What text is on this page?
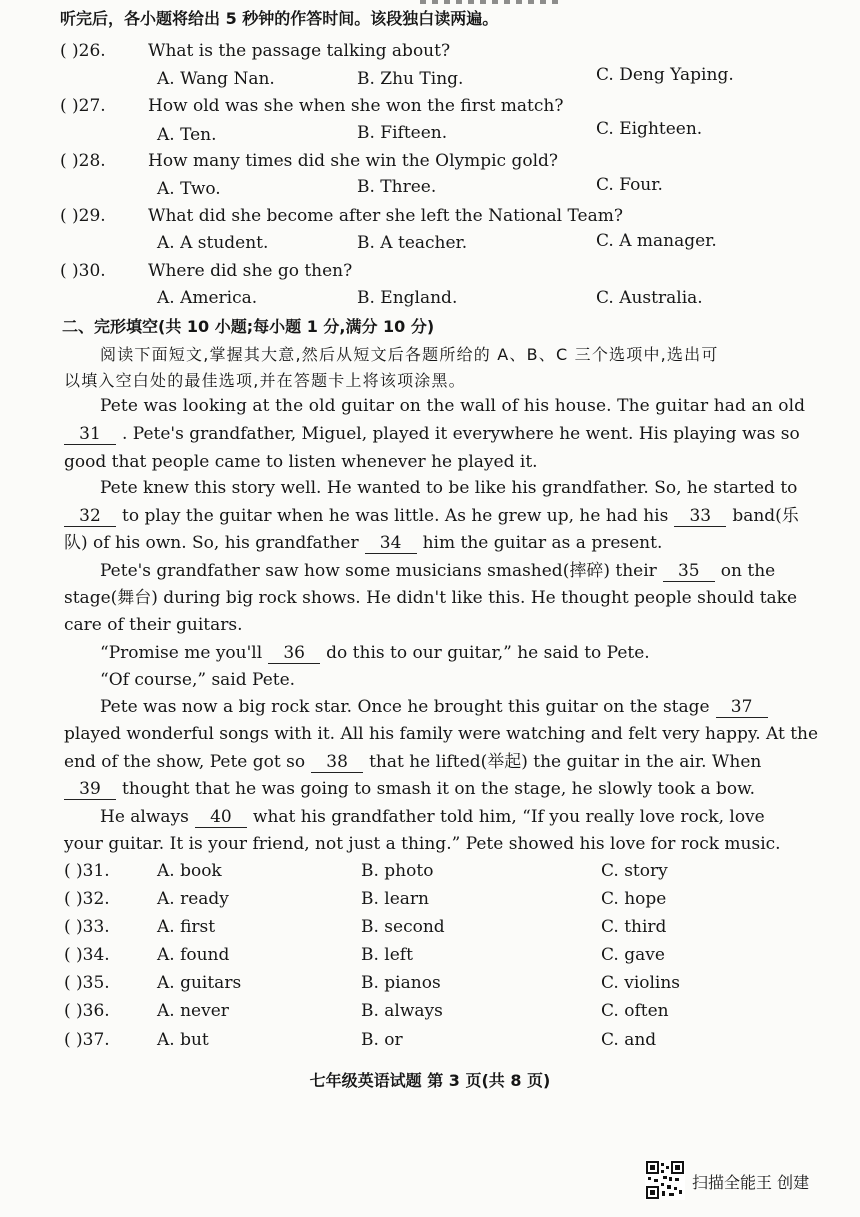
听完后，各小题将给出 5 秒钟的作答时间。该段独白读两遍。
( )26. What is the passage talking about?
A. Wang Nan.	B. Zhu Ting.	C. Deng Yaping.
( )27. How old was she when she won the first match?
A. Ten.	B. Fifteen.	C. Eighteen.
( )28. How many times did she win the Olympic gold?
A. Two.	B. Three.	C. Four.
( )29. What did she become after she left the National Team?
A. A student.	B. A teacher.	C. A manager.
( )30. Where did she go then?
A. America.	B. England.	C. Australia.
二、完形填空(共 10 小题;每小题 1 分,满分 10 分)
阅读下面短文,掌握其大意,然后从短文后各题所给的 A、B、C 三个选项中,选出可
以填入空白处的最佳选项,并在答题卡上将该项涂黑。
Pete was looking at the old guitar on the wall of his house. The guitar had an old
31 . Pete's grandfather, Miguel, played it everywhere he went. His playing was so
good that people came to listen whenever he played it.
Pete knew this story well. He wanted to be like his grandfather. So, he started to
32 to play the guitar when he was little. As he grew up, he had his 33 band(乐
队) of his own. So, his grandfather 34 him the guitar as a present.
Pete's grandfather saw how some musicians smashed(摔碎) their 35 on the
stage(舞台) during big rock shows. He didn't like this. He thought people should take
care of their guitars.
“Promise me you'll 36 do this to our guitar,” he said to Pete.
“Of course,” said Pete.
Pete was now a big rock star. Once he brought this guitar on the stage 37
played wonderful songs with it. All his family were watching and felt very happy. At the
end of the show, Pete got so 38 that he lifted(举起) the guitar in the air. When
39 thought that he was going to smash it on the stage, he slowly took a bow.
He always 40 what his grandfather told him, “If you really love rock, love
your guitar. It is your friend, not just a thing.” Pete showed his love for rock music.
( )31.	A. book	B. photo	C. story
( )32.	A. ready	B. learn	C. hope
( )33.	A. first	B. second	C. third
( )34.	A. found	B. left	C. gave
( )35.	A. guitars	B. pianos	C. violins
( )36.	A. never	B. always	C. often
( )37.	A. but	B. or	C. and
七年级英语试题 第 3 页(共 8 页)
扫描全能王 创建
